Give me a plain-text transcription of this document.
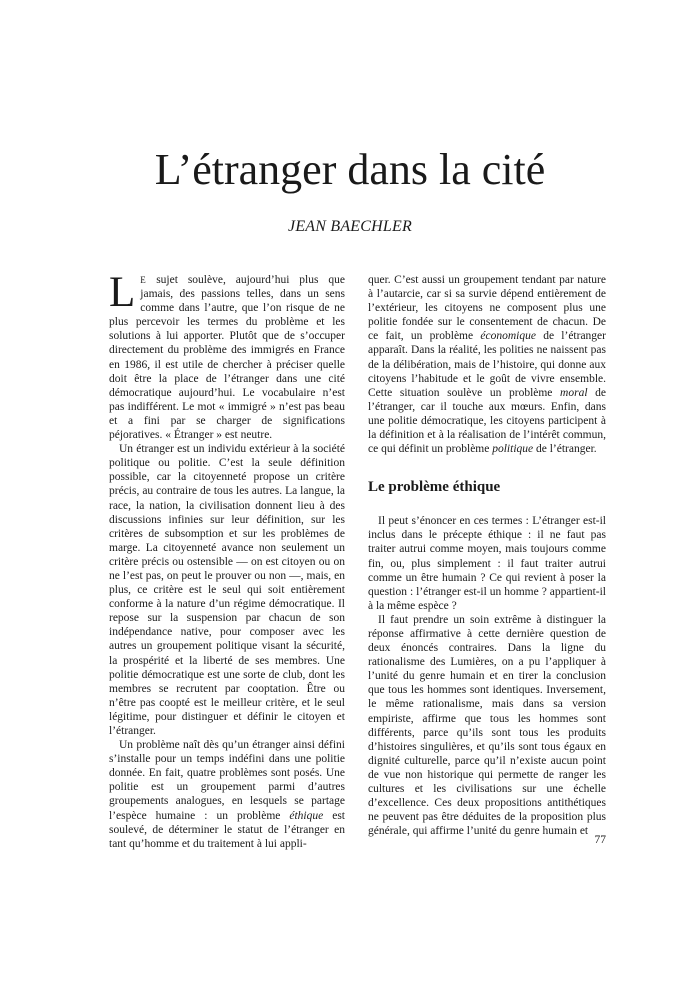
L’étranger dans la cité
JEAN BAECHLER

L E sujet soulève, aujourd’hui plus que jamais, des passions telles, dans un sens comme dans l’autre, que l’on risque de ne plus percevoir les termes du problème et les solutions à lui apporter. Plutôt que de s’occuper directement du problème des immigrés en France en 1986, il est utile de chercher à préciser quelle doit être la place de l’étranger dans une cité démocratique aujourd’hui. Le vocabulaire n’est pas indifférent. Le mot « immigré » n’est pas beau et a fini par se charger de significations péjoratives. « Étranger » est neutre.

Un étranger est un individu extérieur à la société politique ou politie. C’est la seule définition possible, car la citoyenneté propose un critère précis, au contraire de tous les autres. La langue, la race, la nation, la civilisation donnent lieu à des discussions infinies sur leur définition, sur les critères de subsomption et sur les problèmes de marge. La citoyenneté avance non seulement un critère précis ou ostensible — on est citoyen ou on ne l’est pas, on peut le prouver ou non —, mais, en plus, ce critère est le seul qui soit entièrement conforme à la nature d’un régime démocratique. Il repose sur la suspension par chacun de son indépendance native, pour composer avec les autres un groupement politique visant la sécurité, la prospérité et la liberté de ses membres. Une politie démocratique est une sorte de club, dont les membres se recrutent par cooptation. Être ou n’être pas coopté est le meilleur critère, et le seul légitime, pour distinguer et définir le citoyen et l’étranger.

Un problème naît dès qu’un étranger ainsi défini s’installe pour un temps indéfini dans une politie donnée. En fait, quatre problèmes sont posés. Une politie est un groupement parmi d’autres groupements analogues, en lesquels se partage l’espèce humaine : un problème éthique est soulevé, de déterminer le statut de l’étranger en tant qu’homme et du traitement à lui appli-

quer. C’est aussi un groupement tendant par nature à l’autarcie, car si sa survie dépend entièrement de l’extérieur, les citoyens ne composent plus une politie fondée sur le consentement de chacun. De ce fait, un problème économique de l’étranger apparaît. Dans la réalité, les polities ne naissent pas de la délibération, mais de l’histoire, qui donne aux citoyens l’habitude et le goût de vivre ensemble. Cette situation soulève un problème moral de l’étranger, car il touche aux mœurs. Enfin, dans une politie démocratique, les citoyens participent à la définition et à la réalisation de l’intérêt commun, ce qui définit un problème politique de l’étranger.

Le problème éthique

Il peut s’énoncer en ces termes : L’étranger est-il inclus dans le précepte éthique : il ne faut pas traiter autrui comme moyen, mais toujours comme fin, ou, plus simplement : il faut traiter autrui comme un être humain ? Ce qui revient à poser la question : l’étranger est-il un homme ? appartient-il à la même espèce ?

Il faut prendre un soin extrême à distinguer la réponse affirmative à cette dernière question de deux énoncés contraires. Dans la ligne du rationalisme des Lumières, on a pu l’appliquer à l’unité du genre humain et en tirer la conclusion que tous les hommes sont identiques. Inversement, le même rationalisme, mais dans sa version empiriste, affirme que tous les hommes sont différents, parce qu’ils sont tous les produits d’histoires singulières, et qu’ils sont tous égaux en dignité culturelle, parce qu’il n’existe aucun point de vue non historique qui permette de ranger les cultures et les civilisations sur une échelle d’excellence. Ces deux propositions antithétiques ne peuvent pas être déduites de la proposition plus générale, qui affirme l’unité du genre humain et

77
